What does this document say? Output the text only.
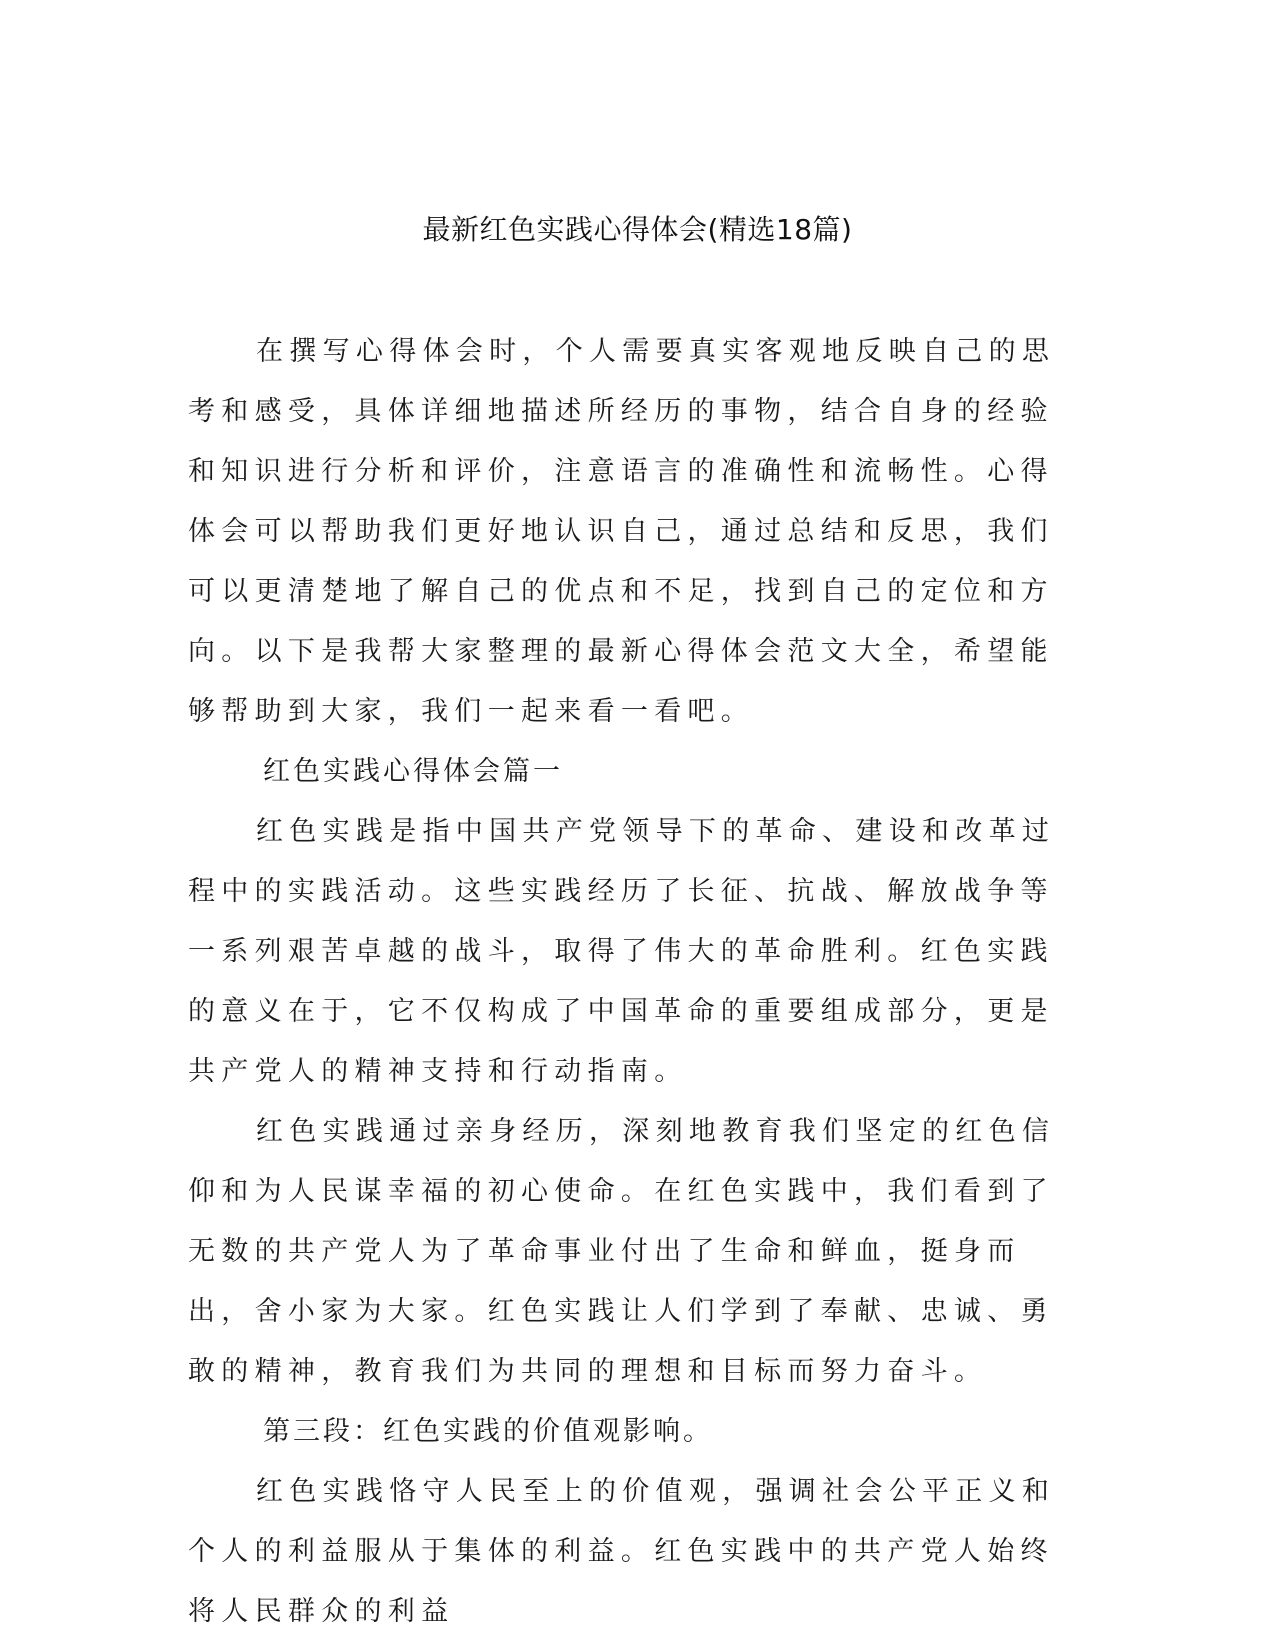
最新红色实践心得体会(精选18篇)

在撰写心得体会时，个人需要真实客观地反映自己的思考和感受，具体详细地描述所经历的事物，结合自身的经验和知识进行分析和评价，注意语言的准确性和流畅性。心得体会可以帮助我们更好地认识自己，通过总结和反思，我们可以更清楚地了解自己的优点和不足，找到自己的定位和方向。以下是我帮大家整理的最新心得体会范文大全，希望能够帮助到大家，我们一起来看一看吧。

红色实践心得体会篇一

红色实践是指中国共产党领导下的革命、建设和改革过程中的实践活动。这些实践经历了长征、抗战、解放战争等一系列艰苦卓越的战斗，取得了伟大的革命胜利。红色实践的意义在于，它不仅构成了中国革命的重要组成部分，更是共产党人的精神支持和行动指南。

红色实践通过亲身经历，深刻地教育我们坚定的红色信仰和为人民谋幸福的初心使命。在红色实践中，我们看到了无数的共产党人为了革命事业付出了生命和鲜血，挺身而出，舍小家为大家。红色实践让人们学到了奉献、忠诚、勇敢的精神，教育我们为共同的理想和目标而努力奋斗。

第三段：红色实践的价值观影响。

红色实践恪守人民至上的价值观，强调社会公平正义和个人的利益服从于集体的利益。红色实践中的共产党人始终将人民群众的利益
